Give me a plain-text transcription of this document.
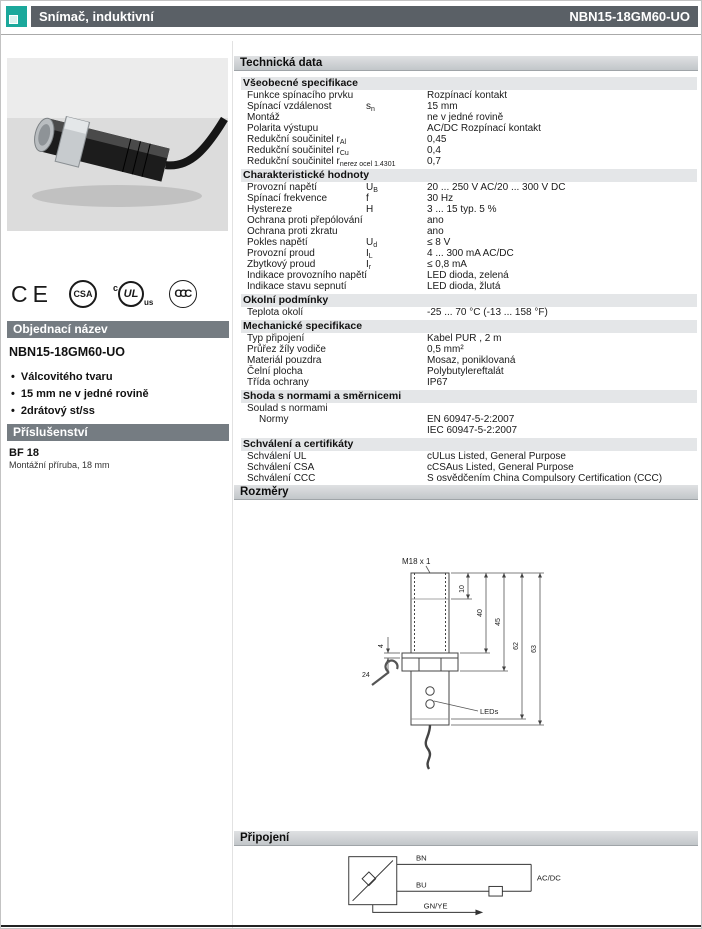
Snímač, induktivní	NBN15-18GM60-UO
CE	CSA
c UL
us
CCC
Objednací název
NBN15-18GM60-UO
• Válcovitého tvaru
• 15 mm ne v jedné rovině
• 2drátový st/ss
Příslušenství
BF 18
Montážní příruba, 18 mm
Technická data
Všeobecné specifikace
Funkce spínacího prvku	Rozpínací kontakt
Spínací vzdálenost	$s_n$	15 mm
Montáž	ne v jedné rovině
Polarita výstupu	AC/DC Rozpínací kontakt
Redukční součinitel $r_{Al}$	0,45
Redukční součinitel $r_{Cu}$	0,4
Redukční součinitel $r_{nerez ocel 1.4301}$	0,7
Charakteristické hodnoty
Provozní napětí	$U_B$	20 ... 250 V AC/20 ... 300 V DC
Spínací frekvence	f	30 Hz
Hystereze	H	3 ... 15 typ. 5 %
Ochrana proti přepólování	ano
Ochrana proti zkratu	ano
Pokles napětí	$U_d$	≤ 8 V
Provozní proud	$I_L$	4 ... 300 mA AC/DC
Zbytkový proud	$I_r$	≤ 0,8 mA
Indikace provozního napětí	LED dioda, zelená
Indikace stavu sepnutí	LED dioda, žlutá
Okolní podmínky
Teplota okolí	-25 ... 70 °C (-13 ... 158 °F)
Mechanické specifikace
Typ připojení	Kabel PUR , 2 m
Průřez žíly vodiče	0,5 mm²
Materiál pouzdra	Mosaz, poniklovaná
Čelní plocha	Polybutylereftalát
Třída ochrany	IP67
Shoda s normami a směrnicemi
Soulad s normami
Normy	EN 60947-5-2:2007
IEC 60947-5-2:2007
Schválení a certifikáty
Schválení UL	cULus Listed, General Purpose
Schválení CSA	cCSAus Listed, General Purpose
Schválení CCC	S osvědčením China Compulsory Certification (CCC)
Rozměry
M18 x 1
10
40
45
62 63
4
24
LEDs
Připojení
BN
BU
GN/YE
AC/DC
